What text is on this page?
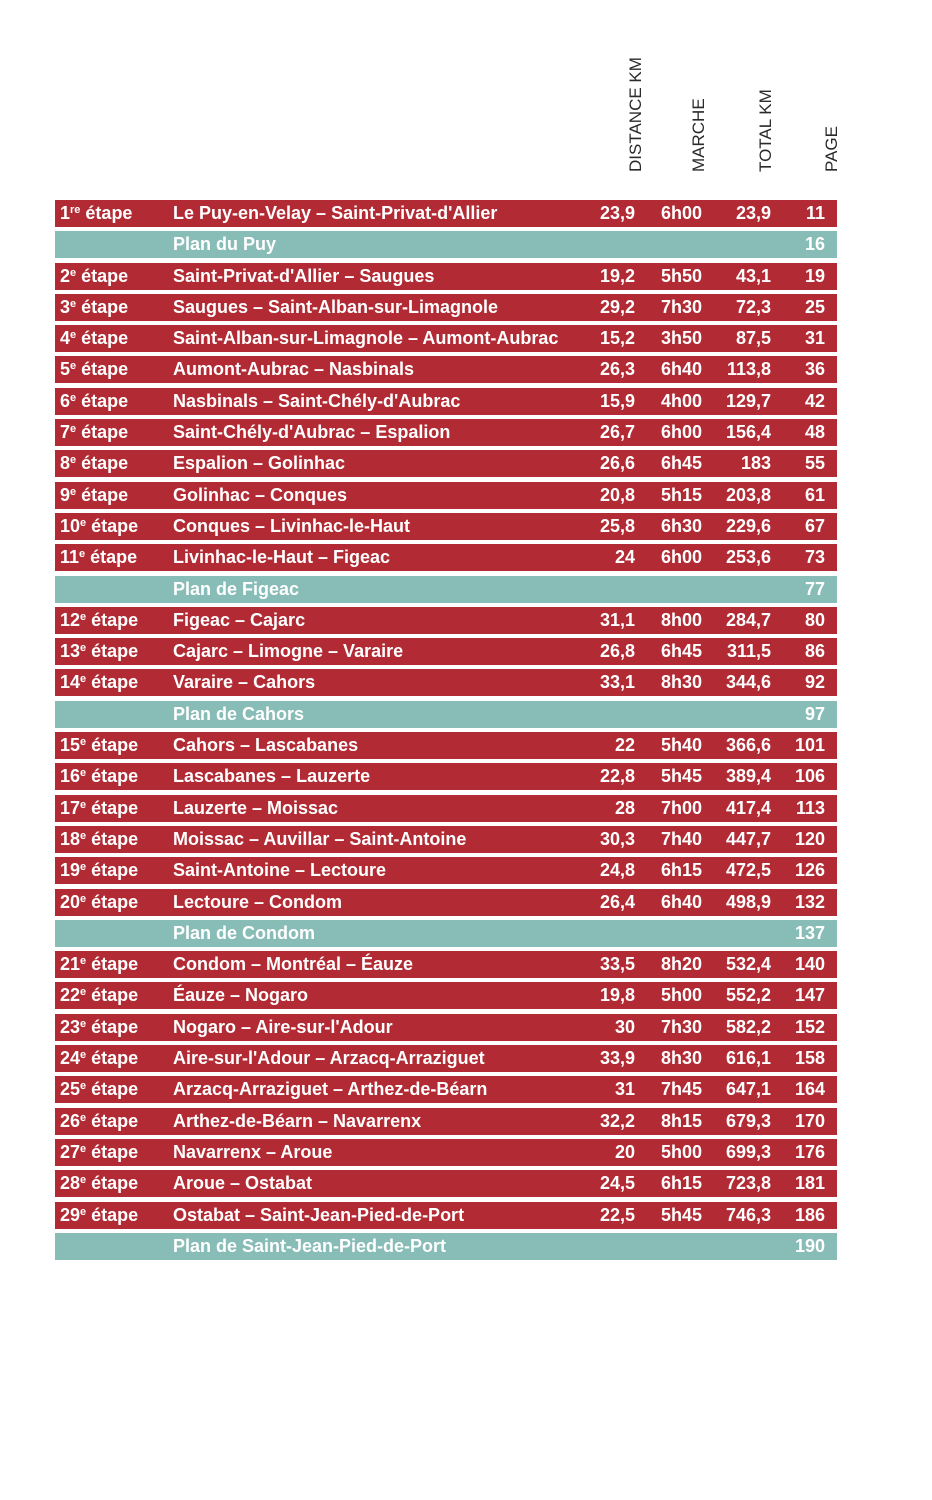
DISTANCE KM	MARCHE	TOTAL KM	PAGE
1re étape Le Puy-en-Velay – Saint-Privat-d'Allier	23,9 6h00 23,9 11
Plan du Puy	16
2e étape Saint-Privat-d'Allier – Saugues	19,2 5h50 43,1 19
3e étape Saugues – Saint-Alban-sur-Limagnole	29,2 7h30 72,3 25
4e étape Saint-Alban-sur-Limagnole – Aumont-Aubrac 15,2 3h50 87,5 31
5e étape Aumont-Aubrac – Nasbinals	26,3 6h40 113,8 36
6e étape Nasbinals – Saint-Chély-d'Aubrac	15,9 4h00 129,7 42
7e étape Saint-Chély-d'Aubrac – Espalion	26,7 6h00 156,4 48
8e étape Espalion – Golinhac	26,6 6h45 183 55
9e étape Golinhac – Conques	20,8 5h15 203,8 61
10e étape Conques – Livinhac-le-Haut	25,8 6h30 229,6 67
11e étape Livinhac-le-Haut – Figeac	24 6h00 253,6 73
Plan de Figeac	77
12e étape Figeac – Cajarc	31,1 8h00 284,7 80
13e étape Cajarc – Limogne – Varaire	26,8 6h45 311,5 86
14e étape Varaire – Cahors	33,1 8h30 344,6 92
Plan de Cahors	97
15e étape Cahors – Lascabanes	22 5h40 366,6 101
16e étape Lascabanes – Lauzerte	22,8 5h45 389,4 106
17e étape Lauzerte – Moissac	28 7h00 417,4 113
18e étape Moissac – Auvillar – Saint-Antoine	30,3 7h40 447,7 120
19e étape Saint-Antoine – Lectoure	24,8 6h15 472,5 126
20e étape Lectoure – Condom	26,4 6h40 498,9 132
Plan de Condom	137
21e étape Condom – Montréal – Éauze	33,5 8h20 532,4 140
22e étape Éauze – Nogaro	19,8 5h00 552,2 147
23e étape Nogaro – Aire-sur-l'Adour	30 7h30 582,2 152
24e étape Aire-sur-l'Adour – Arzacq-Arraziguet	33,9 8h30 616,1 158
25e étape Arzacq-Arraziguet – Arthez-de-Béarn	31 7h45 647,1 164
26e étape Arthez-de-Béarn – Navarrenx	32,2 8h15 679,3 170
27e étape Navarrenx – Aroue	20 5h00 699,3 176
28e étape Aroue – Ostabat	24,5 6h15 723,8 181
29e étape Ostabat – Saint-Jean-Pied-de-Port	22,5 5h45 746,3 186
Plan de Saint-Jean-Pied-de-Port	190
